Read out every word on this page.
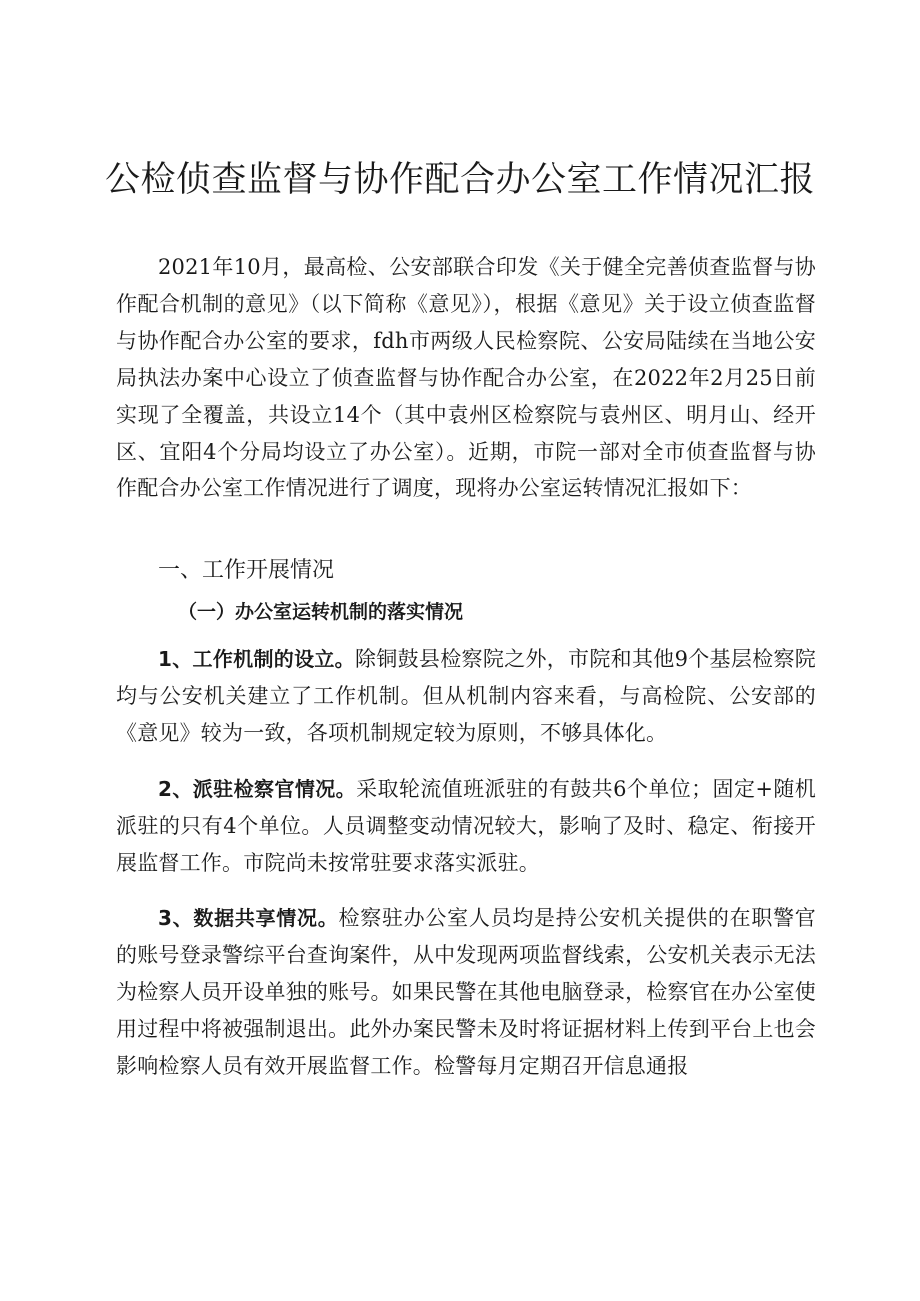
公检侦查监督与协作配合办公室工作情况汇报

2021年10月，最高检、公安部联合印发《关于健全完善侦查监督与协作配合机制的意见》（以下简称《意见》），根据《意见》关于设立侦查监督与协作配合办公室的要求，fdh市两级人民检察院、公安局陆续在当地公安局执法办案中心设立了侦查监督与协作配合办公室，在2022年2月25日前实现了全覆盖，共设立14个（其中袁州区检察院与袁州区、明月山、经开区、宜阳4个分局均设立了办公室）。近期，市院一部对全市侦查监督与协作配合办公室工作情况进行了调度，现将办公室运转情况汇报如下：

一、工作开展情况
（一）办公室运转机制的落实情况

1、工作机制的设立。除铜鼓县检察院之外，市院和其他9个基层检察院均与公安机关建立了工作机制。但从机制内容来看，与高检院、公安部的《意见》较为一致，各项机制规定较为原则，不够具体化。

2、派驻检察官情况。采取轮流值班派驻的有鼓共6个单位；固定+随机派驻的只有4个单位。人员调整变动情况较大，影响了及时、稳定、衔接开展监督工作。市院尚未按常驻要求落实派驻。

3、数据共享情况。检察驻办公室人员均是持公安机关提供的在职警官的账号登录警综平台查询案件，从中发现两项监督线索，公安机关表示无法为检察人员开设单独的账号。如果民警在其他电脑登录，检察官在办公室使用过程中将被强制退出。此外办案民警未及时将证据材料上传到平台上也会影响检察人员有效开展监督工作。检警每月定期召开信息通报
